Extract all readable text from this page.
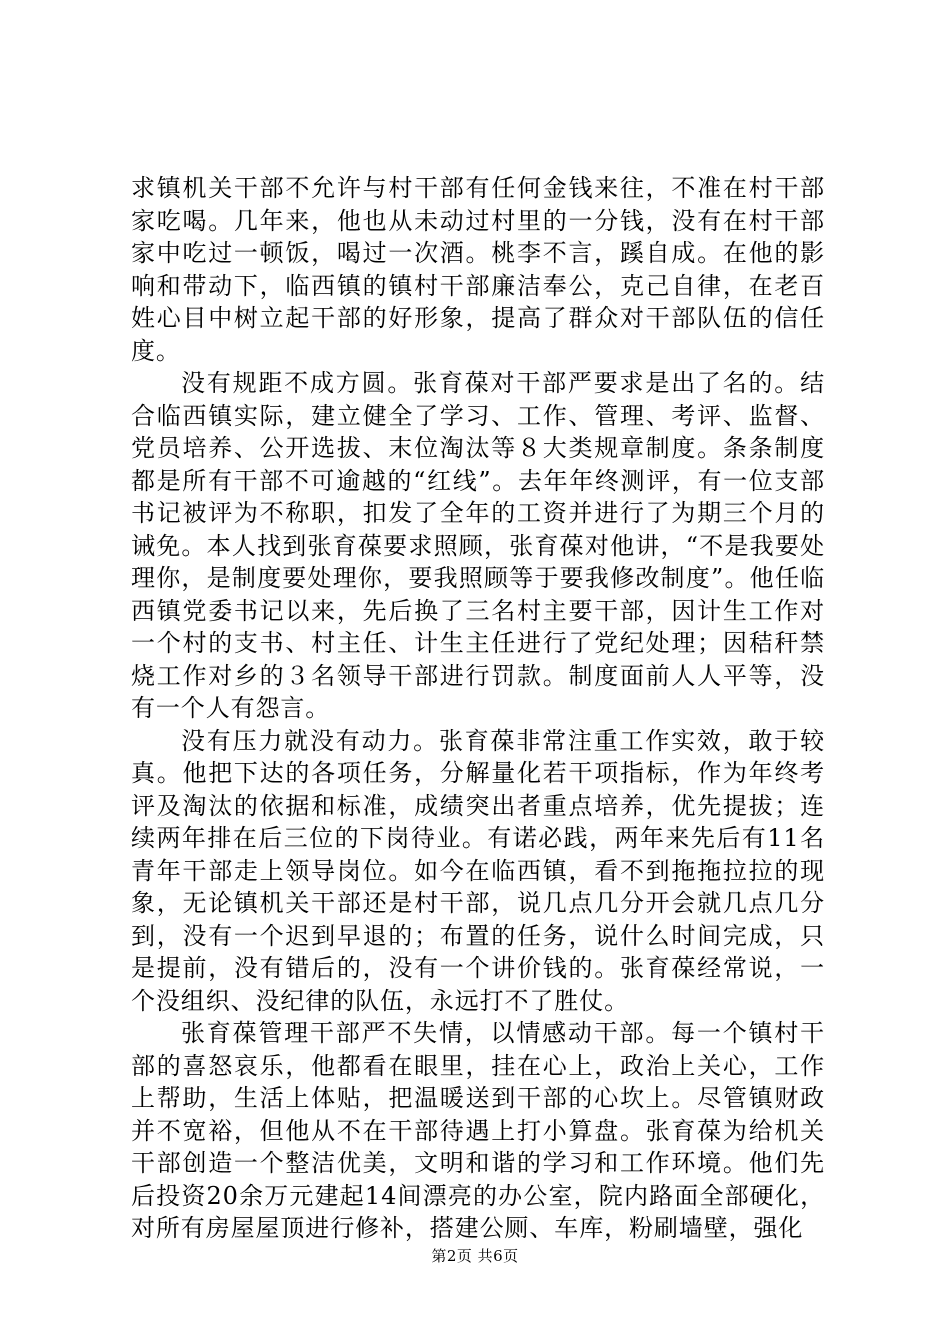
求镇机关干部不允许与村干部有任何金钱来往，不准在村干部家吃喝。几年来，他也从未动过村里的一分钱，没有在村干部家中吃过一顿饭，喝过一次酒。桃李不言，蹊自成。在他的影响和带动下，临西镇的镇村干部廉洁奉公，克己自律，在老百姓心目中树立起干部的好形象，提高了群众对干部队伍的信任度。

没有规距不成方圆。张育葆对干部严要求是出了名的。结合临西镇实际，建立健全了学习、工作、管理、考评、监督、党员培养、公开选拔、末位淘汰等８大类规章制度。条条制度都是所有干部不可逾越的“红线”。去年年终测评，有一位支部书记被评为不称职，扣发了全年的工资并进行了为期三个月的诫免。本人找到张育葆要求照顾，张育葆对他讲，“不是我要处理你，是制度要处理你，要我照顾等于要我修改制度”。他任临西镇党委书记以来，先后换了三名村主要干部，因计生工作对一个村的支书、村主任、计生主任进行了党纪处理；因秸秆禁烧工作对乡的３名领导干部进行罚款。制度面前人人平等，没有一个人有怨言。

没有压力就没有动力。张育葆非常注重工作实效，敢于较真。他把下达的各项任务，分解量化若干项指标，作为年终考评及淘汰的依据和标准，成绩突出者重点培养，优先提拔；连续两年排在后三位的下岗待业。有诺必践，两年来先后有11名青年干部走上领导岗位。如今在临西镇，看不到拖拖拉拉的现象，无论镇机关干部还是村干部，说几点几分开会就几点几分到，没有一个迟到早退的；布置的任务，说什么时间完成，只是提前，没有错后的，没有一个讲价钱的。张育葆经常说，一个没组织、没纪律的队伍，永远打不了胜仗。

张育葆管理干部严不失情，以情感动干部。每一个镇村干部的喜怒哀乐，他都看在眼里，挂在心上，政治上关心，工作上帮助，生活上体贴，把温暖送到干部的心坎上。尽管镇财政并不宽裕，但他从不在干部待遇上打小算盘。张育葆为给机关干部创造一个整洁优美，文明和谐的学习和工作环境。他们先后投资20余万元建起14间漂亮的办公室，院内路面全部硬化，对所有房屋屋顶进行修补，搭建公厕、车库，粉刷墙壁，强化

第2页 共6页
